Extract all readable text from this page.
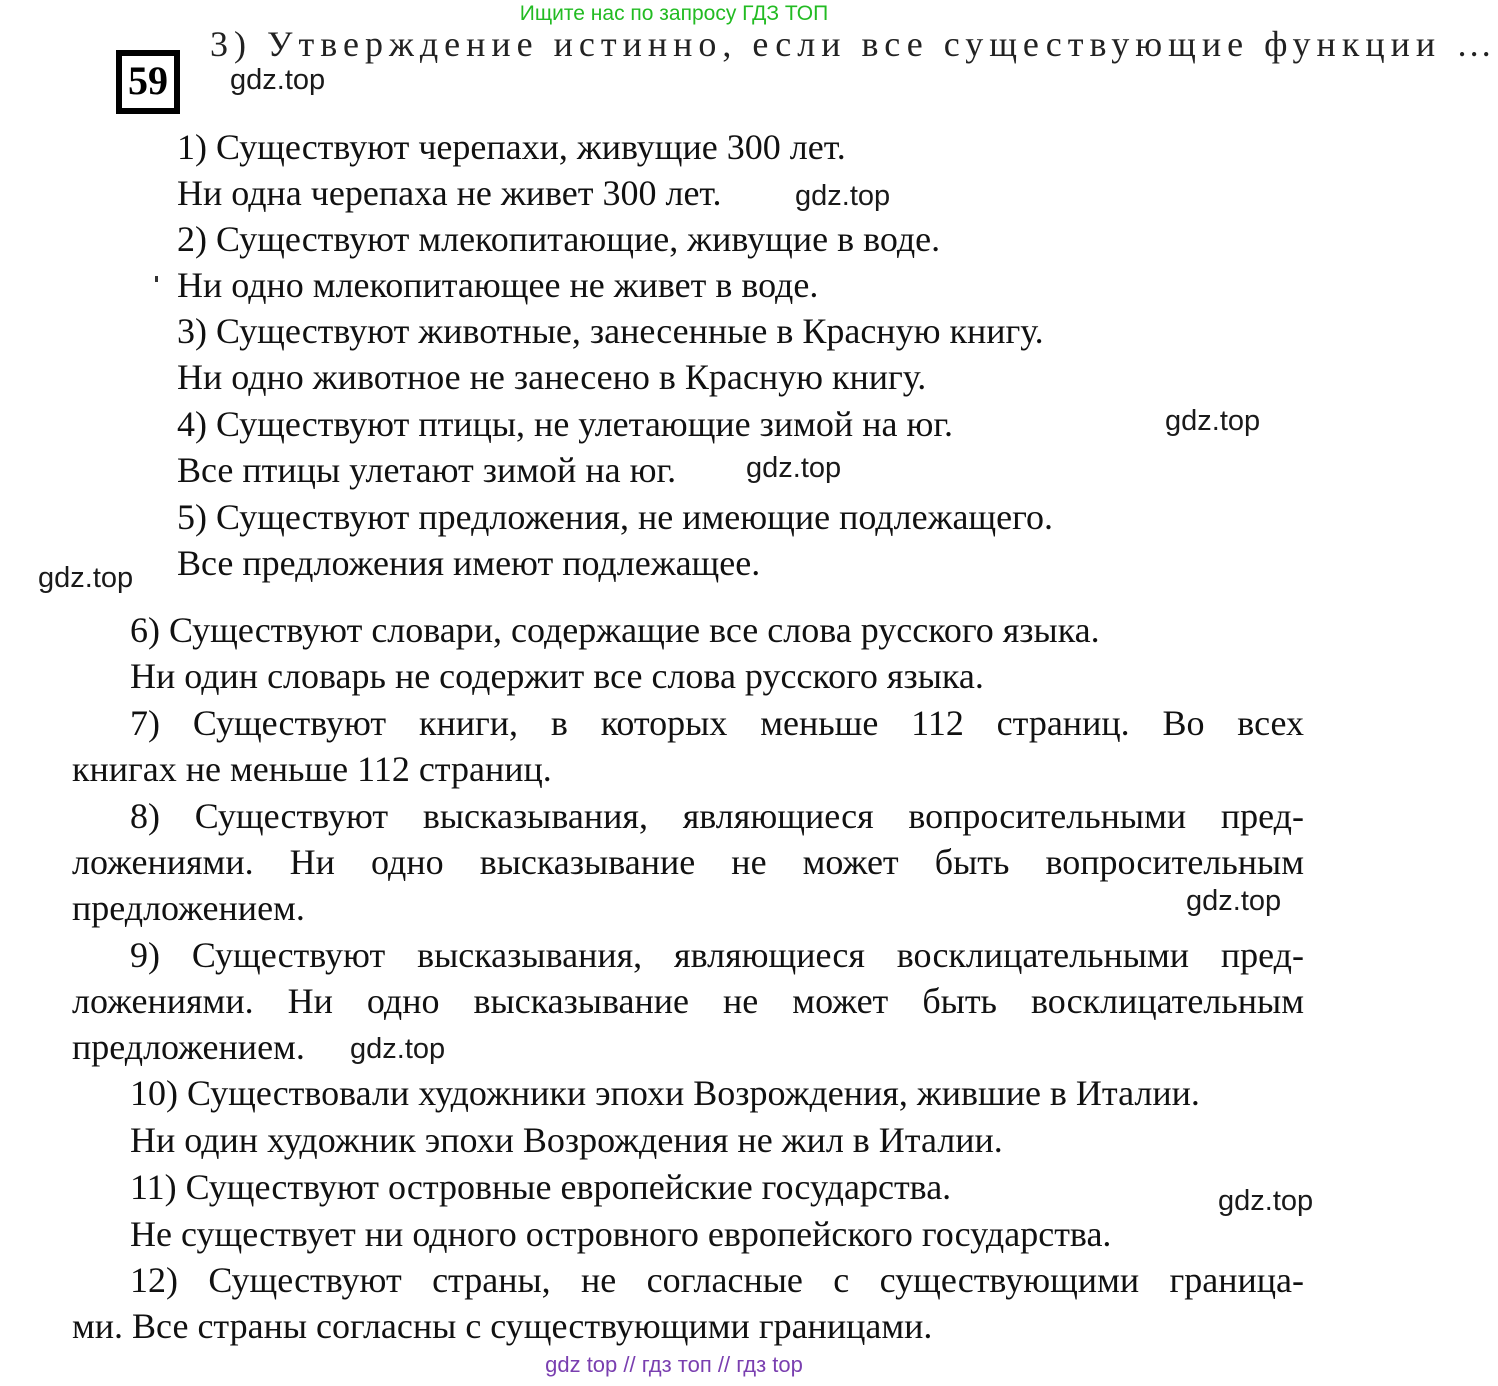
Ищите нас по запросу ГДЗ ТОП
3) Утверждение истинно, если все существующие функции …
59	gdz.top
gdz.top
gdz.top
gdz.top
gdz.top
gdz.top
gdz.top
gdz.top
1) Существуют черепахи, живущие 300 лет.
Ни одна черепаха не живет 300 лет.
2) Существуют млекопитающие, живущие в воде.
Ни одно млекопитающее не живет в воде.
3) Существуют животные, занесенные в Красную книгу.
Ни одно животное не занесено в Красную книгу.
4) Существуют птицы, не улетающие зимой на юг.
Все птицы улетают зимой на юг.
5) Существуют предложения, не имеющие подлежащего.
Все предложения имеют подлежащее.
6) Существуют словари, содержащие все слова русского языка.
Ни один словарь не содержит все слова русского языка.
7) Существуют книги, в которых меньше 112 страниц. Во всех
книгах не меньше 112 страниц.
8) Существуют высказывания, являющиеся вопросительными пред-
ложениями. Ни одно высказывание не может быть вопросительным
предложением.
9) Существуют высказывания, являющиеся восклицательными пред-
ложениями. Ни одно высказывание не может быть восклицательным
предложением.
10) Существовали художники эпохи Возрождения, жившие в Италии.
Ни один художник эпохи Возрождения не жил в Италии.
11) Существуют островные европейские государства.
Не существует ни одного островного европейского государства.
12) Существуют страны, не согласные с существующими граница-
ми. Все страны согласны с существующими границами.
gdz top // гдз топ // гдз top
